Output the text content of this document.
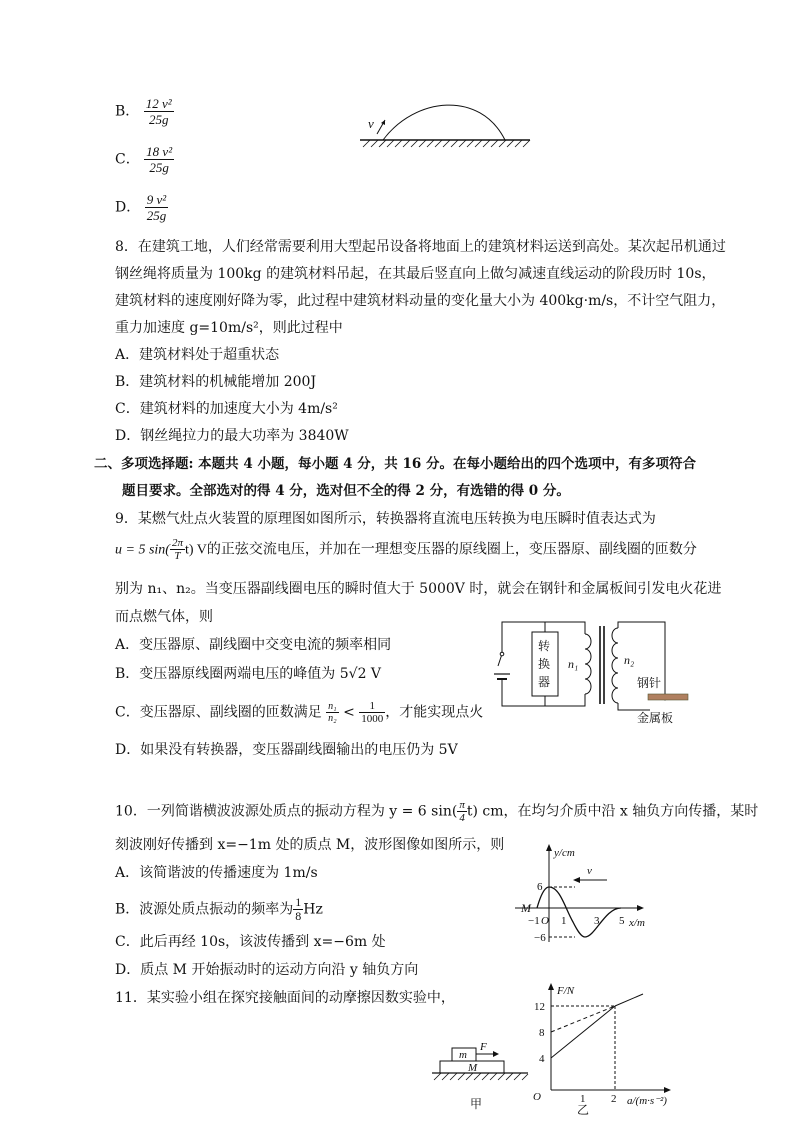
B． $\frac{\text{12 v²}}{25g}$
C． $\frac{\text{18 v²}}{25g}$
D． $\frac{\text{9 v²}}{25g}$
v
8．在建筑工地，人们经常需要利用大型起吊设备将地面上的建筑材料运送到高处。某次起吊机通过
钢丝绳将质量为 100kg 的建筑材料吊起，在其最后竖直向上做匀减速直线运动的阶段历时 10s，
建筑材料的速度刚好降为零，此过程中建筑材料动量的变化量大小为 400kg·m/s，不计空气阻力，
重力加速度 g=10m/s²，则此过程中
A．建筑材料处于超重状态
B．建筑材料的机械能增加 200J
C．建筑材料的加速度大小为 4m/s²
D．钢丝绳拉力的最大功率为 3840W
二、多项选择题: 本题共 4 小题，每小题 4 分，共 16 分。在每小题给出的四个选项中，有多项符合
题目要求。全部选对的得 4 分，选对但不全的得 2 分，有选错的得 0 分。
9．某燃气灶点火装置的原理图如图所示，转换器将直流电压转换为电压瞬时值表达式为
u = 5 $\sin( \frac{2\pi}{T} t)$ V的正弦交流电压，并加在一理想变压器的原线圈上，变压器原、副线圈的匝数分
别为 n₁、n₂。当变压器副线圈电压的瞬时值大于 5000V 时，就会在钢针和金属板间引发电火花进
而点燃气体，则
A．变压器原、副线圈中交变电流的频率相同
B．变压器原线圈两端电压的峰值为 5√2 V
C．变压器原、副线圈的匝数满足 $\frac{\text{n₁}}{\text{n₂}} < \frac{1}{1000}$ ，才能实现点火
D．如果没有转换器，变压器副线圈输出的电压仍为 5V
转
换
器
n₁	n₂
钢针
金属板
10．一列简谐横波波源处质点的振动方程为 y = 6 $\sin( \frac{\pi}{4} t)$ cm，在均匀介质中沿 x 轴负方向传播，某时
刻波刚好传播到 x=−1m 处的质点 M，波形图像如图所示，则
A．该简谐波的传播速度为 1m/s
B．波源处质点振动的频率为 $\frac{1}{8}$ Hz
C．此后再经 10s，该波传播到 x=−6m 处
D．质点 M 开始振动时的运动方向沿 y 轴负方向
y/cm
x/m
v
M
6
−6
−1 O 1	3 5
11．某实验小组在探究接触面间的动摩擦因数实验中，
m
M
F
甲
F/N
a/(m·s⁻²)
12
8
4
O	1 2
乙
